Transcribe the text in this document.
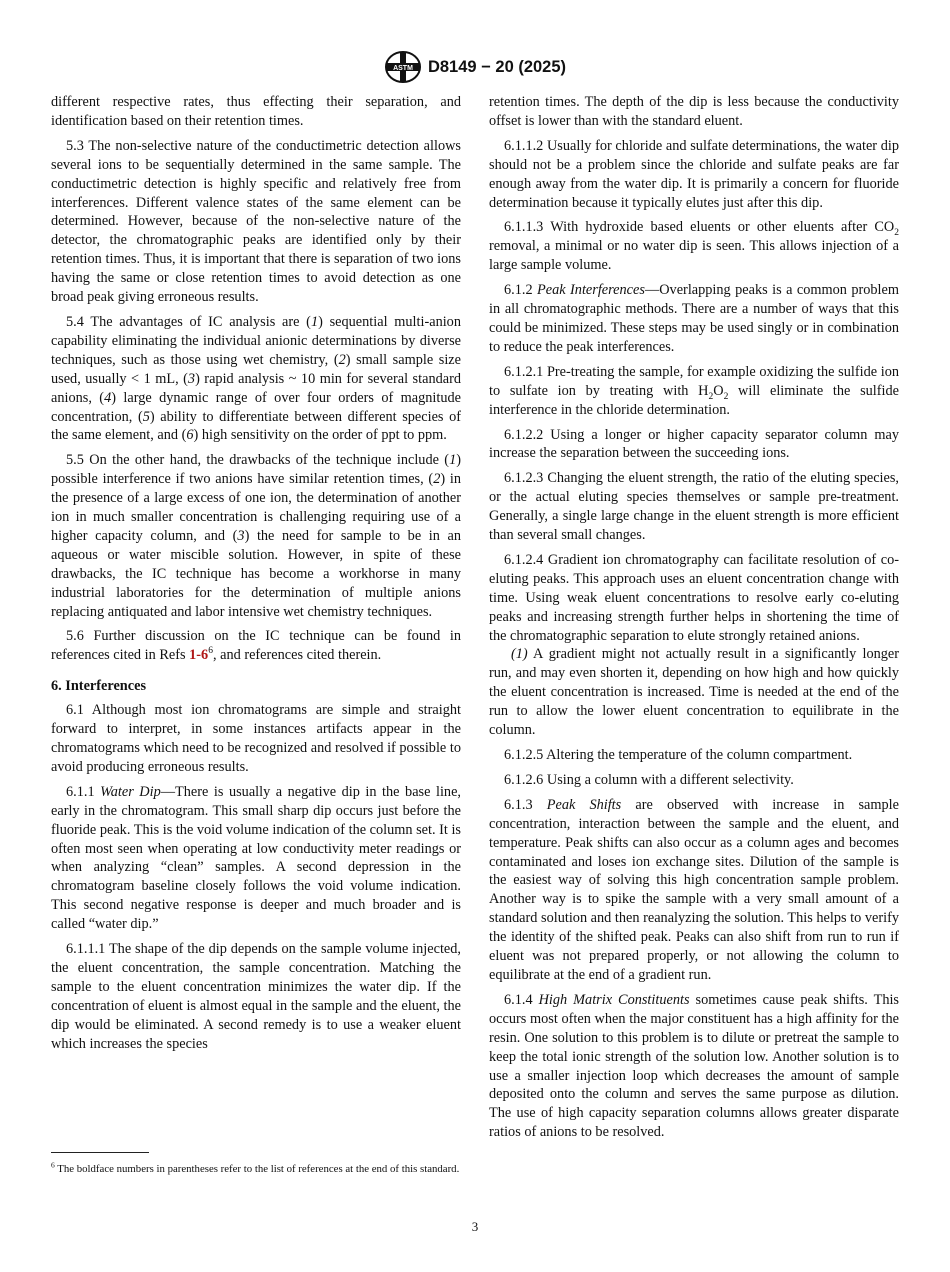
ASTM D8149 − 20 (2025)

different respective rates, thus effecting their separation, and identification based on their retention times.

5.3 The non-selective nature of the conductimetric detection allows several ions to be sequentially determined in the same sample. The conductimetric detection is highly specific and relatively free from interferences. Different valence states of the same element can be determined. However, because of the non-selective nature of the detector, the chromatographic peaks are identified only by their retention times. Thus, it is important that there is separation of two ions having the same or close retention times to avoid detection as one broad peak giving erroneous results.

5.4 The advantages of IC analysis are (1) sequential multi-anion capability eliminating the individual anionic determinations by diverse techniques, such as those using wet chemistry, (2) small sample size used, usually < 1 mL, (3) rapid analysis ~ 10 min for several standard anions, (4) large dynamic range of over four orders of magnitude concentration, (5) ability to differentiate between different species of the same element, and (6) high sensitivity on the order of ppt to ppm.

5.5 On the other hand, the drawbacks of the technique include (1) possible interference if two anions have similar retention times, (2) in the presence of a large excess of one ion, the determination of another ion in much smaller concentration is challenging requiring use of a higher capacity column, and (3) the need for sample to be in an aqueous or water miscible solution. However, in spite of these drawbacks, the IC technique has become a workhorse in many industrial laboratories for the determination of multiple anions replacing antiquated and labor intensive wet chemistry techniques.

5.6 Further discussion on the IC technique can be found in references cited in Refs $1-6^6$, and references cited therein.

6. Interferences

6.1 Although most ion chromatograms are simple and straight forward to interpret, in some instances artifacts appear in the chromatograms which need to be recognized and resolved if possible to avoid producing erroneous results.

6.1.1 Water Dip—There is usually a negative dip in the base line, early in the chromatogram. This small sharp dip occurs just before the fluoride peak. This is the void volume indication of the column set. It is often most seen when operating at low conductivity meter readings or when analyzing “clean” samples. A second depression in the chromatogram baseline closely follows the void volume indication. This second negative response is deeper and much broader and is called “water dip.”

6.1.1.1 The shape of the dip depends on the sample volume injected, the eluent concentration, the sample concentration. Matching the sample to the eluent concentration minimizes the water dip. If the concentration of eluent is almost equal in the sample and the eluent, the dip would be eliminated. A second remedy is to use a weaker eluent which increases the species

retention times. The depth of the dip is less because the conductivity offset is lower than with the standard eluent.

6.1.1.2 Usually for chloride and sulfate determinations, the water dip should not be a problem since the chloride and sulfate peaks are far enough away from the water dip. It is primarily a concern for fluoride determination because it typically elutes just after this dip.

6.1.1.3 With hydroxide based eluents or other eluents after $CO_2$ removal, a minimal or no water dip is seen. This allows injection of a large sample volume.

6.1.2 Peak Interferences—Overlapping peaks is a common problem in all chromatographic methods. There are a number of ways that this could be minimized. These steps may be used singly or in combination to reduce the peak interferences.

6.1.2.1 Pre-treating the sample, for example oxidizing the sulfide ion to sulfate ion by treating with $H_2O_2$ will eliminate the sulfide interference in the chloride determination.

6.1.2.2 Using a longer or higher capacity separator column may increase the separation between the succeeding ions.

6.1.2.3 Changing the eluent strength, the ratio of the eluting species, or the actual eluting species themselves or sample pre-treatment. Generally, a single large change in the eluent strength is more efficient than several small changes.

6.1.2.4 Gradient ion chromatography can facilitate resolution of co-eluting peaks. This approach uses an eluent concentration change with time. Using weak eluent concentrations to resolve early co-eluting peaks and increasing strength further helps in shortening the time of the chromatographic separation to elute strongly retained anions.

(1) A gradient might not actually result in a significantly longer run, and may even shorten it, depending on how high and how quickly the eluent concentration is increased. Time is needed at the end of the run to allow the lower eluent concentration to equilibrate in the column.

6.1.2.5 Altering the temperature of the column compartment.

6.1.2.6 Using a column with a different selectivity.

6.1.3 Peak Shifts are observed with increase in sample concentration, interaction between the sample and the eluent, and temperature. Peak shifts can also occur as a column ages and becomes contaminated and loses ion exchange sites. Dilution of the sample is the easiest way of solving this high concentration sample problem. Another way is to spike the sample with a very small amount of a standard solution and then reanalyzing the solution. This helps to verify the identity of the shifted peak. Peaks can also shift from run to run if eluent was not prepared properly, or not allowing the column to equilibrate at the end of a gradient run.

6.1.4 High Matrix Constituents sometimes cause peak shifts. This occurs most often when the major constituent has a high affinity for the resin. One solution to this problem is to dilute or pretreat the sample to keep the total ionic strength of the solution low. Another solution is to use a smaller injection loop which decreases the amount of sample deposited onto the column and serves the same purpose as dilution. The use of high capacity separation columns allows greater disparate ratios of anions to be resolved.

$^6$ The boldface numbers in parentheses refer to the list of references at the end of this standard.
3
